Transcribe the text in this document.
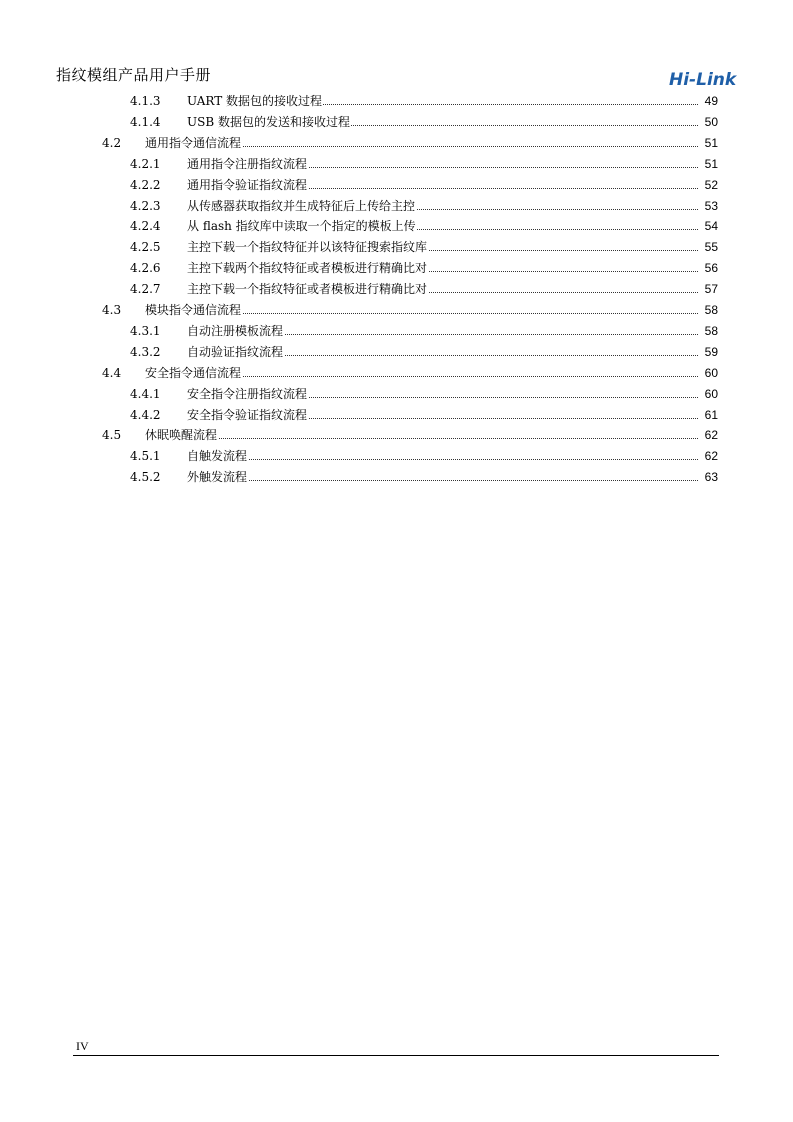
指纹模组产品用户手册	Hi-Link
4.1.3 UART 数据包的接收过程	49
4.1.4 USB 数据包的发送和接收过程	50
4.2 通用指令通信流程	51
4.2.1 通用指令注册指纹流程	51
4.2.2 通用指令验证指纹流程	52
4.2.3 从传感器获取指纹并生成特征后上传给主控	53
4.2.4 从 flash 指纹库中读取一个指定的模板上传	54
4.2.5 主控下载一个指纹特征并以该特征搜索指纹库	55
4.2.6 主控下载两个指纹特征或者模板进行精确比对	56
4.2.7 主控下载一个指纹特征或者模板进行精确比对	57
4.3 模块指令通信流程	58
4.3.1 自动注册模板流程	58
4.3.2 自动验证指纹流程	59
4.4 安全指令通信流程	60
4.4.1 安全指令注册指纹流程	60
4.4.2 安全指令验证指纹流程	61
4.5 休眠唤醒流程	62
4.5.1 自触发流程	62
4.5.2 外触发流程	63
IV
